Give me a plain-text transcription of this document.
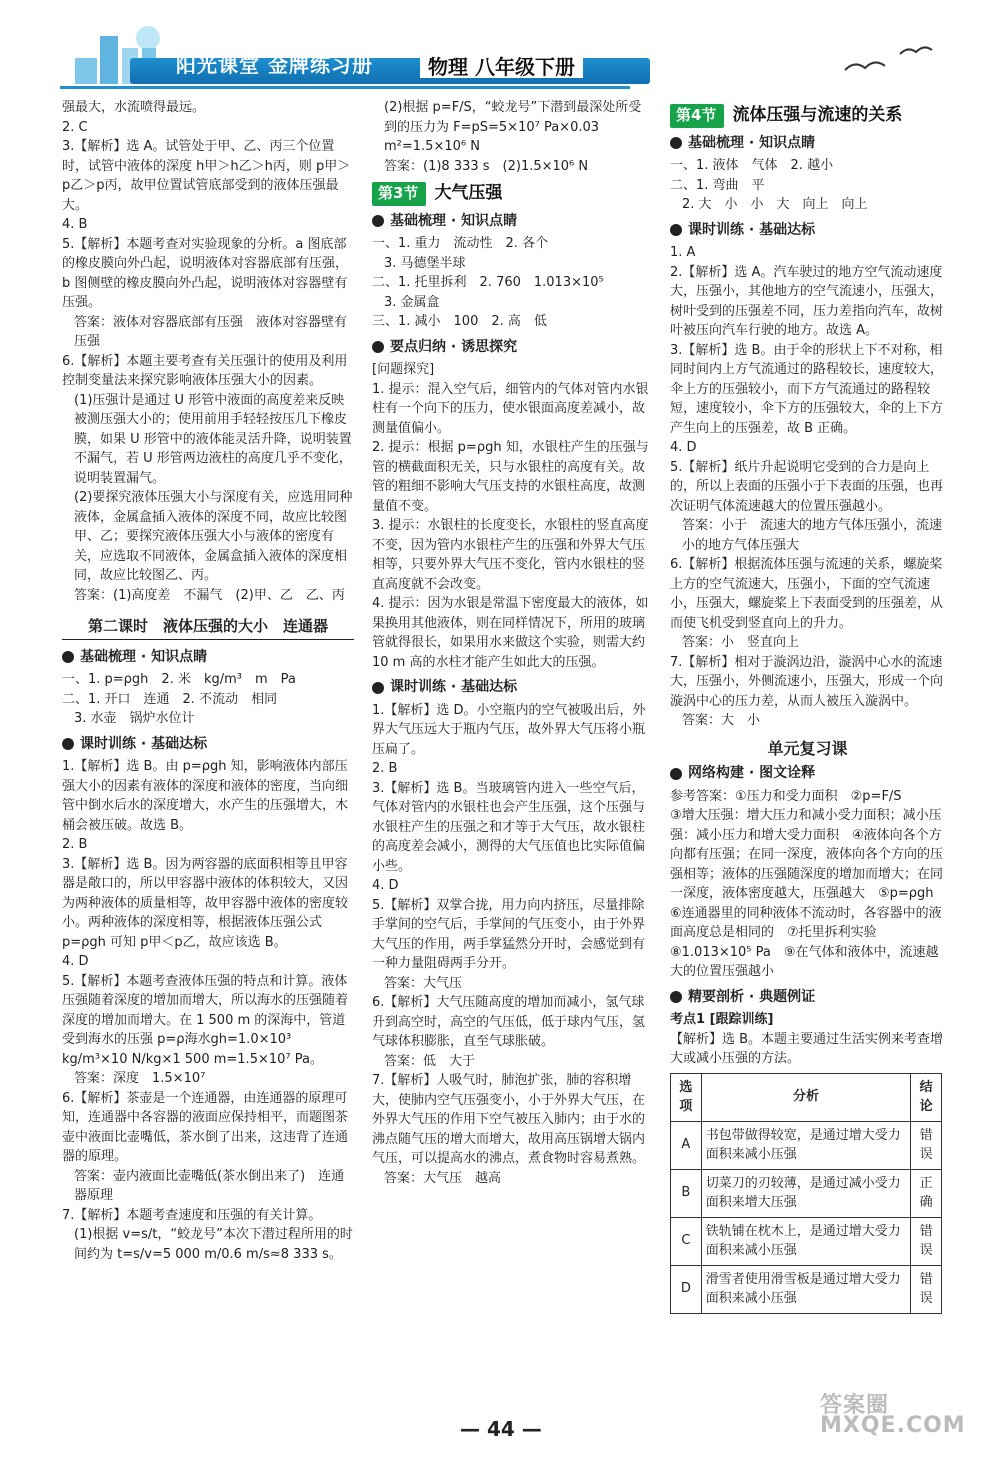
阳光课堂 金牌练习册	物理 八年级下册

强最大，水流喷得最远。

2. C

3.【解析】选 A。试管处于甲、乙、丙三个位置时，试管中液体的深度 h甲＞h乙＞h丙，则 p甲＞p乙＞p丙，故甲位置试管底部受到的液体压强最大。

4. B

5.【解析】本题考查对实验现象的分析。a 图底部的橡皮膜向外凸起，说明液体对容器底部有压强，b 图侧壁的橡皮膜向外凸起，说明液体对容器壁有压强。

答案：液体对容器底部有压强　液体对容器壁有压强

6.【解析】本题主要考查有关压强计的使用及利用控制变量法来探究影响液体压强大小的因素。

(1)压强计是通过 U 形管中液面的高度差来反映被测压强大小的；使用前用手轻轻按压几下橡皮膜，如果 U 形管中的液体能灵活升降，说明装置不漏气，若 U 形管两边液柱的高度几乎不变化，说明装置漏气。

(2)要探究液体压强大小与深度有关，应选用同种液体，金属盒插入液体的深度不同，故应比较图甲、乙；要探究液体压强大小与液体的密度有关，应选取不同液体，金属盒插入液体的深度相同，故应比较图乙、丙。

答案：(1)高度差　不漏气　(2)甲、乙　乙、丙

第二课时　液体压强的大小　连通器
基础梳理 · 知识点睛

一、1. p=ρgh　2. 米　kg/m³　m　Pa

二、1. 开口　连通　2. 不流动　相同

3. 水壶　锅炉水位计

课时训练 · 基础达标

1.【解析】选 B。由 p=ρgh 知，影响液体内部压强大小的因素有液体的深度和液体的密度，当向细管中倒水后水的深度增大，水产生的压强增大，木桶会被压破。故选 B。

2. B

3.【解析】选 B。因为两容器的底面积相等且甲容器是敞口的，所以甲容器中液体的体积较大，又因为两种液体的质量相等，故甲容器中液体的密度较小。两种液体的深度相等，根据液体压强公式 p=ρgh 可知 p甲＜p乙，故应该选 B。

4. D

5.【解析】本题考查液体压强的特点和计算。液体压强随着深度的增加而增大，所以海水的压强随着深度的增加而增大。在 1 500 m 的深海中，管道受到海水的压强 p=ρ海水gh=1.0×10³ kg/m³×10 N/kg×1 500 m=1.5×10⁷ Pa。

答案：深度　1.5×10⁷

6.【解析】茶壶是一个连通器，由连通器的原理可知，连通器中各容器的液面应保持相平，而题图茶壶中液面比壶嘴低，茶水倒了出来，这违背了连通器的原理。

答案：壶内液面比壶嘴低(茶水倒出来了)　连通器原理

7.【解析】本题考查速度和压强的有关计算。

(1)根据 v=s/t，“蛟龙号”本次下潜过程所用的时间约为 t=s/v=5 000 m/0.6 m/s≈8 333 s。

(2)根据 p=F/S，“蛟龙号”下潜到最深处所受到的压力为 F=pS=5×10⁷ Pa×0.03 m²=1.5×10⁶ N

答案：(1)8 333 s　(2)1.5×10⁶ N

第3节 大气压强
基础梳理 · 知识点睛

一、1. 重力　流动性　2. 各个

3. 马德堡半球

二、1. 托里拆利　2. 760　1.013×10⁵

3. 金属盒

三、1. 减小　100　2. 高　低

要点归纳 · 诱思探究

[问题探究]

1. 提示：混入空气后，细管内的气体对管内水银柱有一个向下的压力，使水银面高度差减小，故测量值偏小。

2. 提示：根据 p=ρgh 知，水银柱产生的压强与管的横截面积无关，只与水银柱的高度有关。故管的粗细不影响大气压支持的水银柱高度，故测量值不变。

3. 提示：水银柱的长度变长，水银柱的竖直高度不变，因为管内水银柱产生的压强和外界大气压相等，只要外界大气压不变化，管内水银柱的竖直高度就不会改变。

4. 提示：因为水银是常温下密度最大的液体，如果换用其他液体，则在同样情况下，所用的玻璃管就得很长，如果用水来做这个实验，则需大约 10 m 高的水柱才能产生如此大的压强。

课时训练 · 基础达标

1.【解析】选 D。小空瓶内的空气被吸出后，外界大气压远大于瓶内气压，故外界大气压将小瓶压扁了。

2. B

3.【解析】选 B。当玻璃管内进入一些空气后，气体对管内的水银柱也会产生压强，这个压强与水银柱产生的压强之和才等于大气压，故水银柱的高度差会减小，测得的大气压值也比实际值偏小些。

4. D

5.【解析】双掌合拢，用力向内挤压，尽量排除手掌间的空气后，手掌间的气压变小，由于外界大气压的作用，两手掌猛然分开时，会感觉到有一种力量阻碍两手分开。

答案：大气压

6.【解析】大气压随高度的增加而减小，氢气球升到高空时，高空的气压低，低于球内气压，氢气球体积膨胀，直至气球胀破。

答案：低　大于

7.【解析】人吸气时，肺泡扩张，肺的容积增大，使肺内空气压强变小，小于外界大气压，在外界大气压的作用下空气被压入肺内；由于水的沸点随气压的增大而增大，故用高压锅增大锅内气压，可以提高水的沸点，煮食物时容易煮熟。

答案：大气压　越高

第4节 流体压强与流速的关系
基础梳理 · 知识点睛

一、1. 液体　气体　2. 越小

二、1. 弯曲　平

2. 大　小　小　大　向上　向上

课时训练 · 基础达标

1. A

2.【解析】选 A。汽车驶过的地方空气流动速度大，压强小，其他地方的空气流速小，压强大，树叶受到的压强差不同，压力差指向汽车，故树叶被压向汽车行驶的地方。故选 A。

3.【解析】选 B。由于伞的形状上下不对称，相同时间内上方气流通过的路程较长，速度较大，伞上方的压强较小，而下方气流通过的路程较短，速度较小，伞下方的压强较大，伞的上下方产生向上的压强差，故 B 正确。

4. D

5.【解析】纸片升起说明它受到的合力是向上的，所以上表面的压强小于下表面的压强，也再次证明气体流速越大的位置压强越小。

答案：小于　流速大的地方气体压强小，流速小的地方气体压强大

6.【解析】根据流体压强与流速的关系，螺旋桨上方的空气流速大，压强小，下面的空气流速小，压强大，螺旋桨上下表面受到的压强差，从而使飞机受到竖直向上的升力。

答案：小　竖直向上

7.【解析】相对于漩涡边沿，漩涡中心水的流速大，压强小，外侧流速小，压强大，形成一个向漩涡中心的压力差，从而人被压入漩涡中。

答案：大　小

单元复习课
网络构建 · 图文诠释

参考答案：①压力和受力面积　②p=F/S

③增大压强：增大压力和减小受力面积；减小压强：减小压力和增大受力面积　④液体向各个方向都有压强；在同一深度，液体向各个方向的压强相等；液体的压强随深度的增加而增大；在同一深度，液体密度越大，压强越大　⑤p=ρgh　⑥连通器里的同种液体不流动时，各容器中的液面高度总是相同的　⑦托里拆利实验　⑧1.013×10⁵ Pa　⑨在气体和液体中，流速越大的位置压强越小

精要剖析 · 典题例证

考点1 [跟踪训练]

【解析】选 B。本题主要通过生活实例来考查增大或减小压强的方法。

选项	分析	结论
A	书包带做得较宽，是通过增大受力面积来减小压强	错误
B	切菜刀的刃较薄，是通过减小受力面积来增大压强	正确
C	铁轨铺在枕木上，是通过增大受力面积来减小压强	错误
D	滑雪者使用滑雪板是通过增大受力面积来减小压强	错误
— 44 —
答案圈 MXQE.COM
